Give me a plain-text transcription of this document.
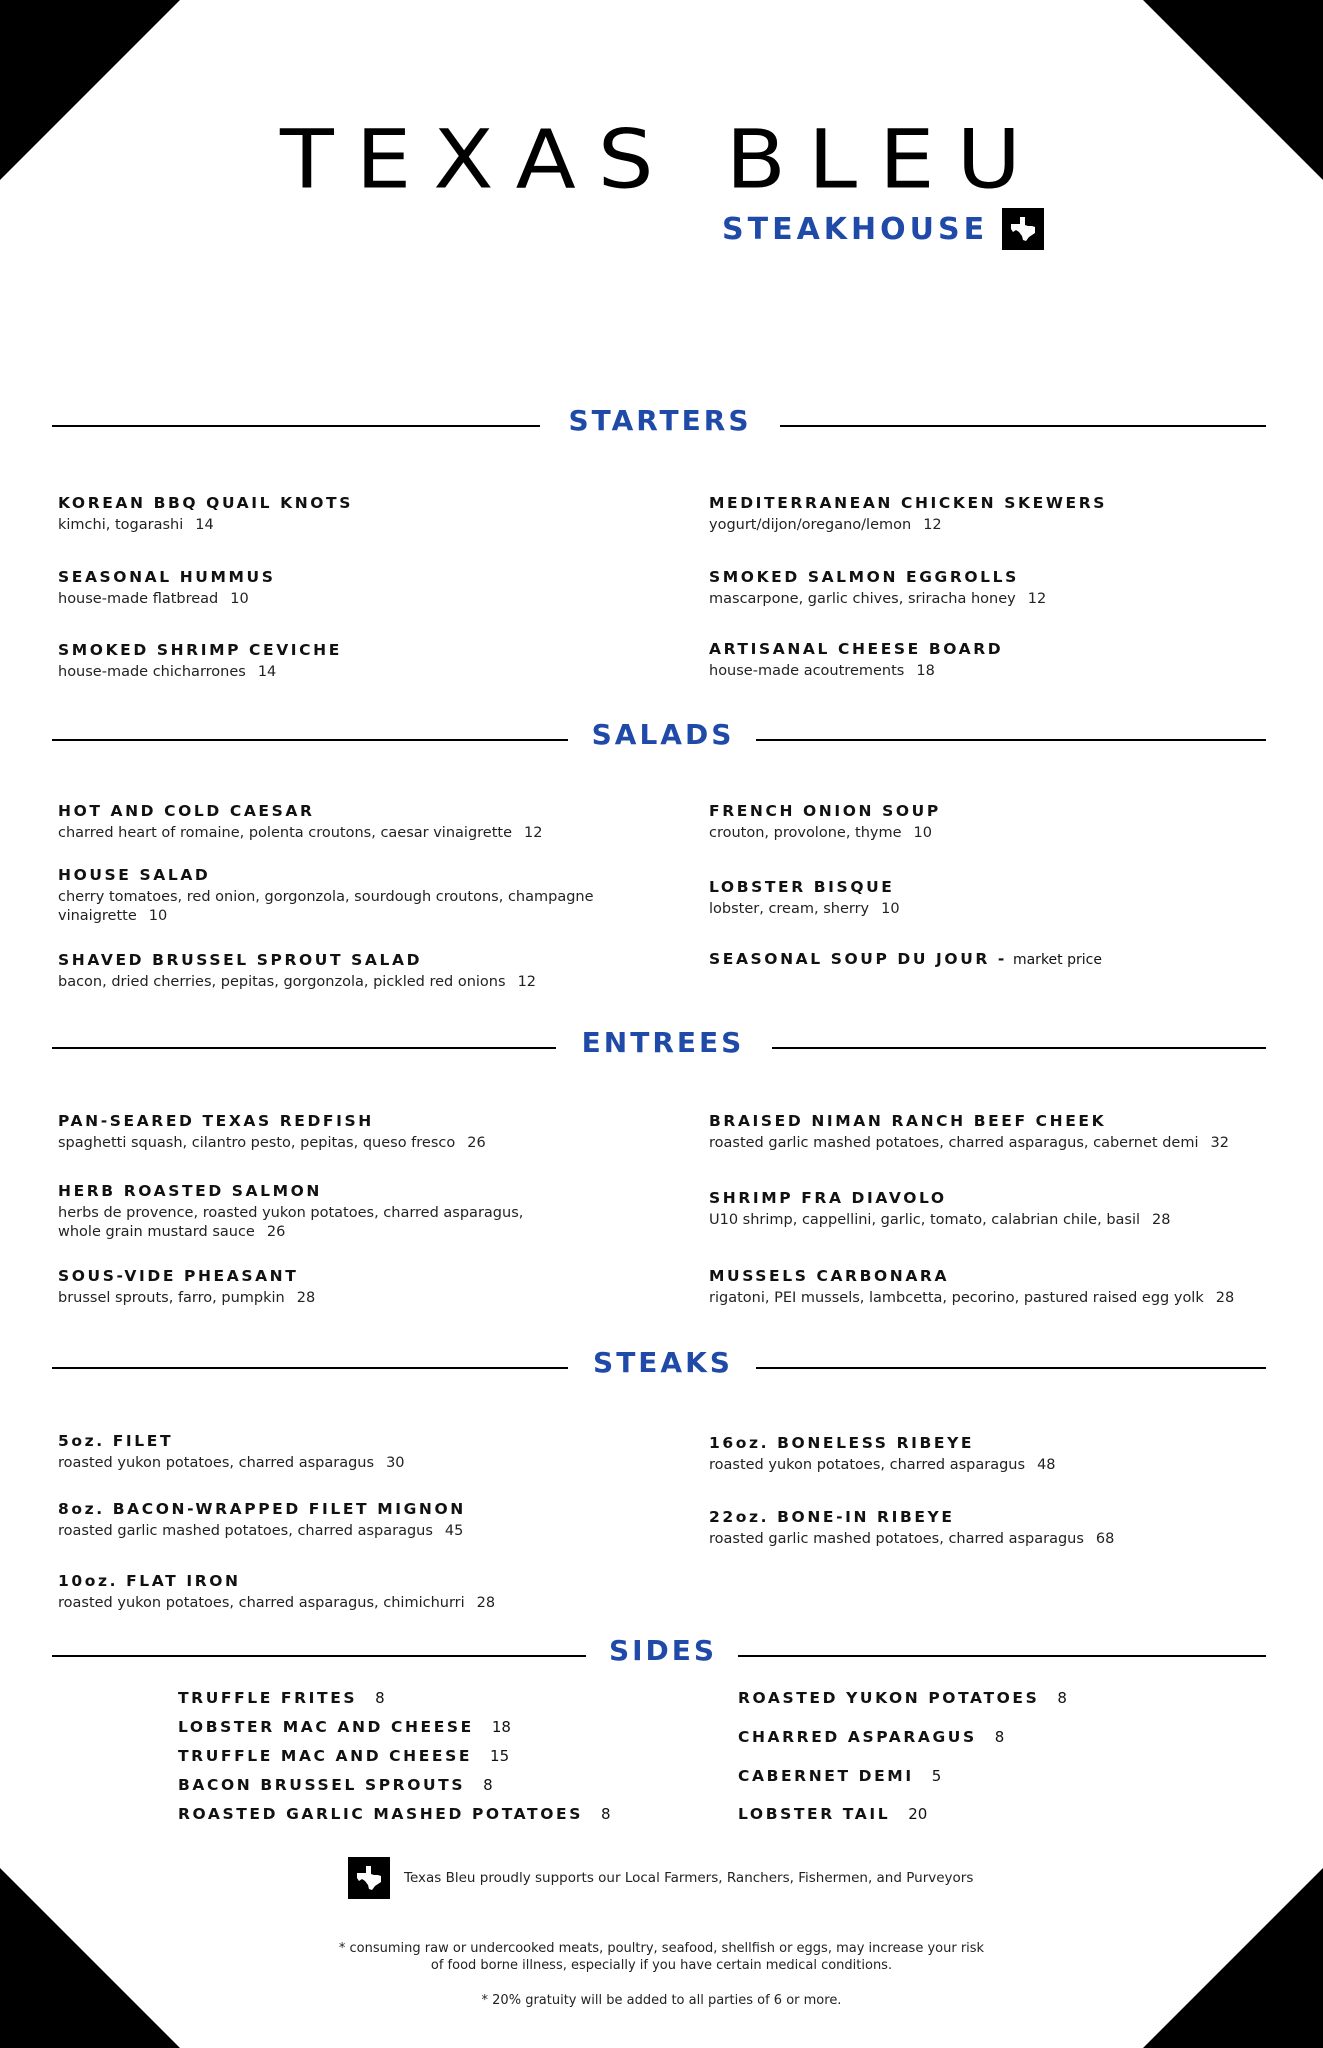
TEXAS BLEU
STEAKHOUSE
STARTERS
KOREAN BBQ QUAIL KNOTS
kimchi, togarashi 14
SEASONAL HUMMUS
house-made flatbread 10
SMOKED SHRIMP CEVICHE
house-made chicharrones 14
MEDITERRANEAN CHICKEN SKEWERS
yogurt/dijon/oregano/lemon 12
SMOKED SALMON EGGROLLS
mascarpone, garlic chives, sriracha honey 12
ARTISANAL CHEESE BOARD
house-made acoutrements 18
SALADS
HOT AND COLD CAESAR
charred heart of romaine, polenta croutons, caesar vinaigrette 12
HOUSE SALAD
cherry tomatoes, red onion, gorgonzola, sourdough croutons, champagne vinaigrette 10
SHAVED BRUSSEL SPROUT SALAD
bacon, dried cherries, pepitas, gorgonzola, pickled red onions 12
FRENCH ONION SOUP
crouton, provolone, thyme 10
LOBSTER BISQUE
lobster, cream, sherry 10
SEASONAL SOUP DU JOUR - market price
ENTREES
PAN-SEARED TEXAS REDFISH
spaghetti squash, cilantro pesto, pepitas, queso fresco 26
HERB ROASTED SALMON
herbs de provence, roasted yukon potatoes, charred asparagus, whole grain mustard sauce 26
SOUS-VIDE PHEASANT
brussel sprouts, farro, pumpkin 28
BRAISED NIMAN RANCH BEEF CHEEK
roasted garlic mashed potatoes, charred asparagus, cabernet demi 32
SHRIMP FRA DIAVOLO
U10 shrimp, cappellini, garlic, tomato, calabrian chile, basil 28
MUSSELS CARBONARA
rigatoni, PEI mussels, lambcetta, pecorino, pastured raised egg yolk 28
STEAKS
5oz. FILET
roasted yukon potatoes, charred asparagus 30
8oz. BACON-WRAPPED FILET MIGNON
roasted garlic mashed potatoes, charred asparagus 45
10oz. FLAT IRON
roasted yukon potatoes, charred asparagus, chimichurri 28
16oz. BONELESS RIBEYE
roasted yukon potatoes, charred asparagus 48
22oz. BONE-IN RIBEYE
roasted garlic mashed potatoes, charred asparagus 68
SIDES
TRUFFLE FRITES 8
LOBSTER MAC AND CHEESE 18
TRUFFLE MAC AND CHEESE 15
BACON BRUSSEL SPROUTS 8
ROASTED GARLIC MASHED POTATOES 8
ROASTED YUKON POTATOES 8
CHARRED ASPARAGUS 8
CABERNET DEMI 5
LOBSTER TAIL 20
Texas Bleu proudly supports our Local Farmers, Ranchers, Fishermen, and Purveyors
* consuming raw or undercooked meats, poultry, seafood, shellfish or eggs, may increase your risk
of food borne illness, especially if you have certain medical conditions.
* 20% gratuity will be added to all parties of 6 or more.
